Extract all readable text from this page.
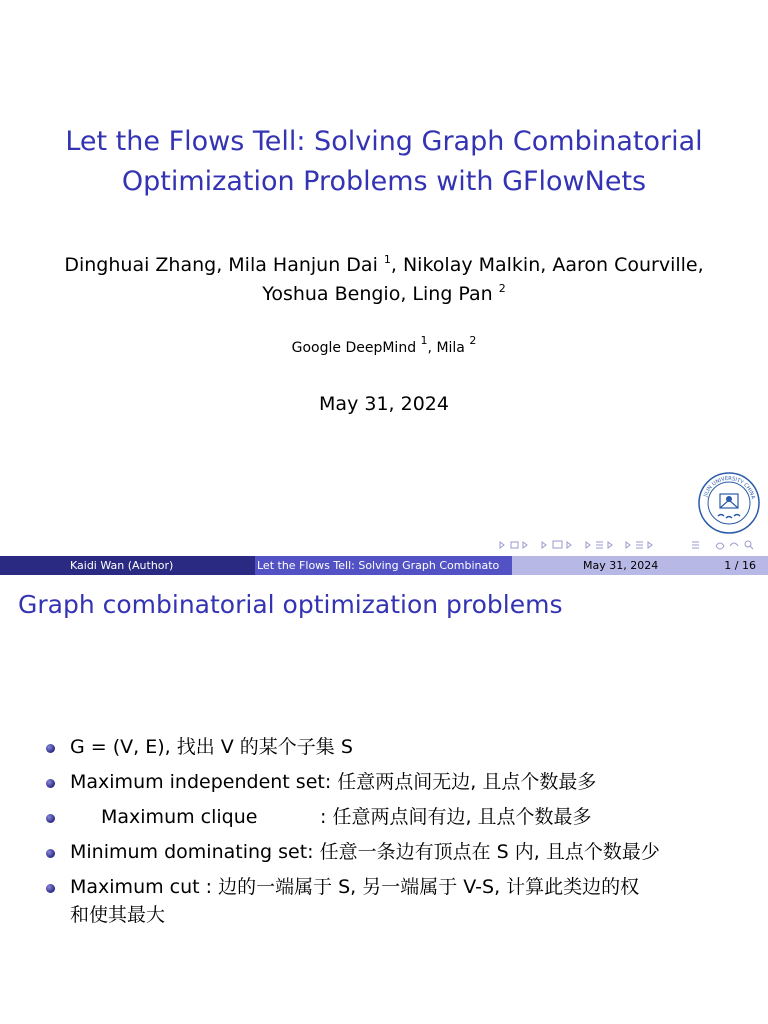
Let the Flows Tell: Solving Graph Combinatorial
Optimization Problems with GFlowNets
Dinghuai Zhang, Mila Hanjun Dai $^1$, Nikolay Malkin, Aaron Courville,
Yoshua Bengio, Ling Pan $^2$
Google DeepMind $^1$, Mila $^2$
May 31, 2024
JILIN UNIVERSITY CHINA
Kaidi Wan (Author)	Let the Flows Tell: Solving Graph Combinato	May 31, 2024	1 / 16
Graph combinatorial optimization problems
G = (V, E), 找出 V 的某个子集 S
Maximum independent set: 任意两点间无边, 且点个数最多
Maximum clique	: 任意两点间有边, 且点个数最多
Minimum dominating set: 任意一条边有顶点在 S 内, 且点个数最少
Maximum cut : 边的一端属于 S, 另一端属于 V-S, 计算此类边的权
和使其最大
